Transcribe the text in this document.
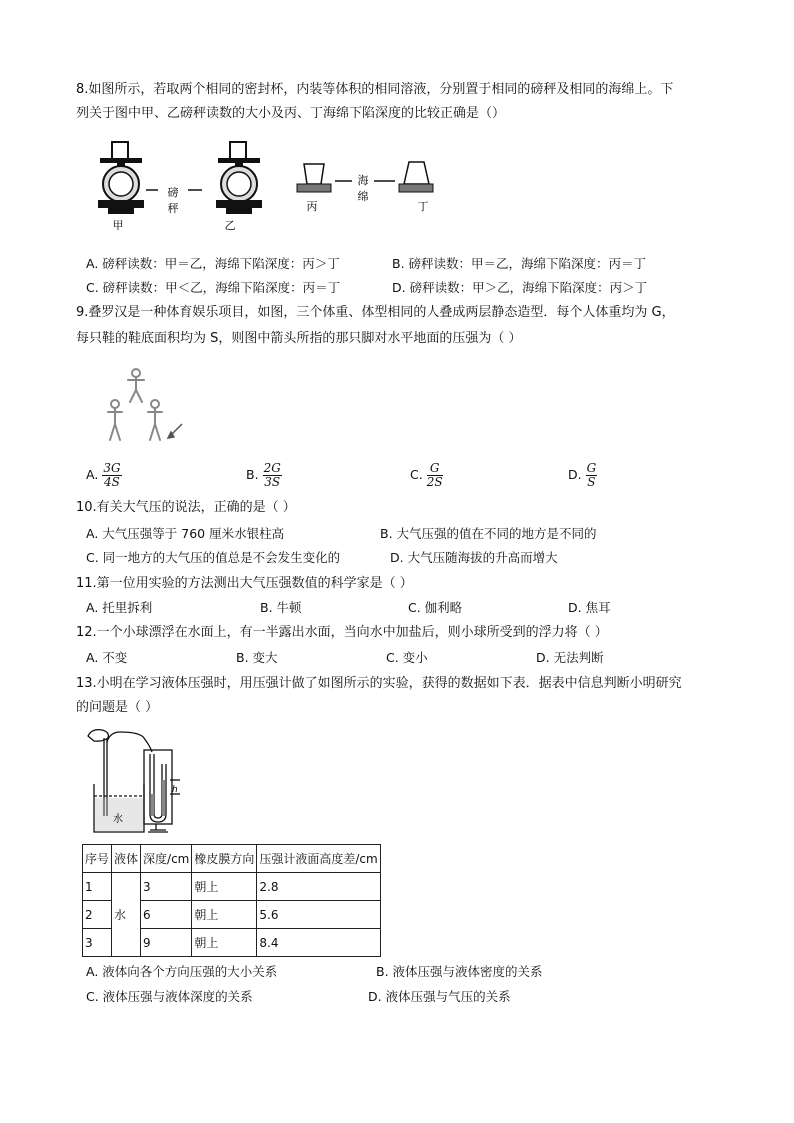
8.如图所示，若取两个相同的密封杯，内装等体积的相同溶液，分别置于相同的磅秤及相同的海绵上。下
列关于图中甲、乙磅秤读数的大小及丙、丁海绵下陷深度的比较正确是（）
磅
秤
甲	乙
海
绵
丙	丁
A. 磅秤读数：甲＝乙，海绵下陷深度：丙＞丁	B. 磅秤读数：甲＝乙，海绵下陷深度：丙＝丁
C. 磅秤读数：甲＜乙，海绵下陷深度：丙＝丁	D. 磅秤读数：甲＞乙，海绵下陷深度：丙＞丁
9.叠罗汉是一种体育娱乐项目，如图，三个体重、体型相同的人叠成两层静态造型．每个人体重均为 G，
每只鞋的鞋底面积均为 S，则图中箭头所指的那只脚对水平地面的压强为（ ）
A. $\frac{3G}{4S}$	B. $\frac{2G}{3S}$	C. $\frac{G}{2S}$	D. $\frac{G}{S}$
10.有关大气压的说法，正确的是（ ）
A. 大气压强等于 760 厘米水银柱高	B. 大气压强的值在不同的地方是不同的
C. 同一地方的大气压的值总是不会发生变化的	D. 大气压随海拔的升高而增大
11.第一位用实验的方法测出大气压强数值的科学家是（ ）
A. 托里拆利	B. 牛顿	C. 伽利略	D. 焦耳
12.一个小球漂浮在水面上，有一半露出水面，当向水中加盐后，则小球所受到的浮力将（ ）
A. 不变	B. 变大	C. 变小	D. 无法判断
13.小明在学习液体压强时，用压强计做了如图所示的实验，获得的数据如下表．据表中信息判断小明研究
的问题是（ ）
水
h
序号	液体	深度/cm	橡皮膜方向	压强计液面高度差/cm
1	水	3	朝上	2.8
2		6	朝上	5.6
3		9	朝上	8.4
A. 液体向各个方向压强的大小关系	B. 液体压强与液体密度的关系
C. 液体压强与液体深度的关系	D. 液体压强与气压的关系
